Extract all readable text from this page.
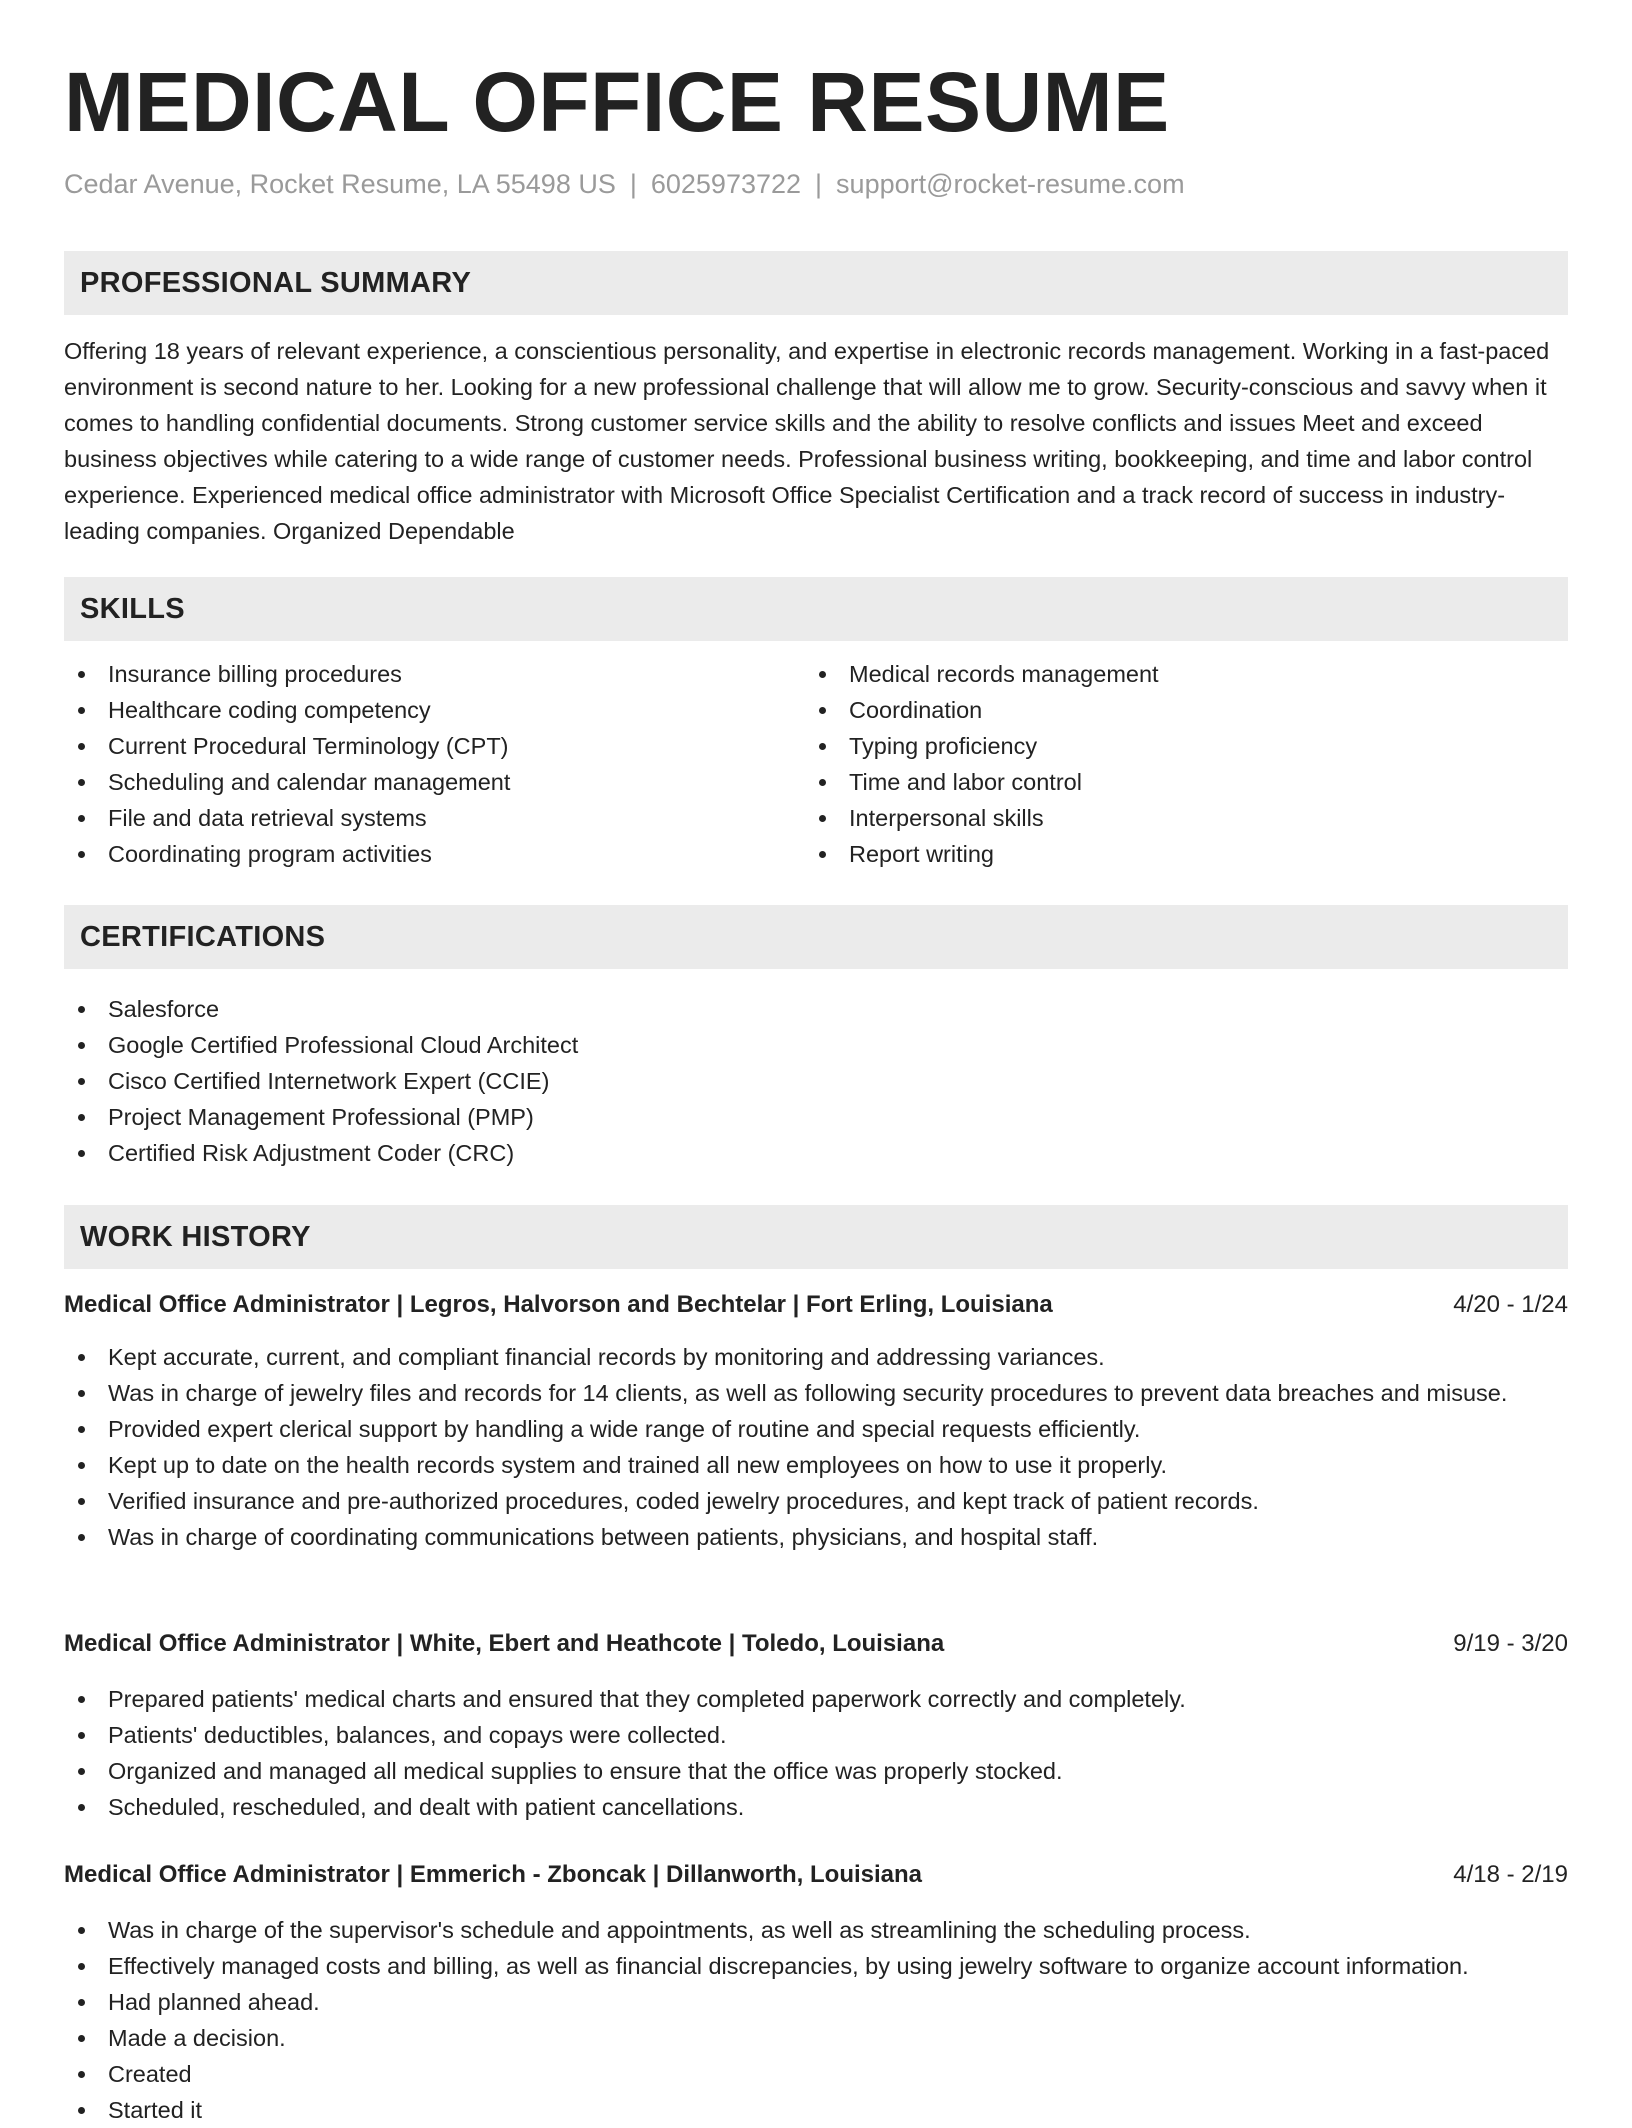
MEDICAL OFFICE RESUME
Cedar Avenue, Rocket Resume, LA 55498 US | 6025973722 | support@rocket-resume.com
PROFESSIONAL SUMMARY
Offering 18 years of relevant experience, a conscientious personality, and expertise in electronic records management. Working in a fast-paced environment is second nature to her. Looking for a new professional challenge that will allow me to grow. Security-conscious and savvy when it comes to handling confidential documents. Strong customer service skills and the ability to resolve conflicts and issues Meet and exceed business objectives while catering to a wide range of customer needs. Professional business writing, bookkeeping, and time and labor control experience. Experienced medical office administrator with Microsoft Office Specialist Certification and a track record of success in industry-leading companies. Organized Dependable
SKILLS
Insurance billing procedures
Healthcare coding competency
Current Procedural Terminology (CPT)
Scheduling and calendar management
File and data retrieval systems
Coordinating program activities
Medical records management
Coordination
Typing proficiency
Time and labor control
Interpersonal skills
Report writing
CERTIFICATIONS
Salesforce
Google Certified Professional Cloud Architect
Cisco Certified Internetwork Expert (CCIE)
Project Management Professional (PMP)
Certified Risk Adjustment Coder (CRC)
WORK HISTORY
Medical Office Administrator | Legros, Halvorson and Bechtelar | Fort Erling, Louisiana	4/20 - 1/24
Kept accurate, current, and compliant financial records by monitoring and addressing variances.
Was in charge of jewelry files and records for 14 clients, as well as following security procedures to prevent data breaches and misuse.
Provided expert clerical support by handling a wide range of routine and special requests efficiently.
Kept up to date on the health records system and trained all new employees on how to use it properly.
Verified insurance and pre-authorized procedures, coded jewelry procedures, and kept track of patient records.
Was in charge of coordinating communications between patients, physicians, and hospital staff.
Medical Office Administrator | White, Ebert and Heathcote | Toledo, Louisiana	9/19 - 3/20
Prepared patients' medical charts and ensured that they completed paperwork correctly and completely.
Patients' deductibles, balances, and copays were collected.
Organized and managed all medical supplies to ensure that the office was properly stocked.
Scheduled, rescheduled, and dealt with patient cancellations.
Medical Office Administrator | Emmerich - Zboncak | Dillanworth, Louisiana	4/18 - 2/19
Was in charge of the supervisor's schedule and appointments, as well as streamlining the scheduling process.
Effectively managed costs and billing, as well as financial discrepancies, by using jewelry software to organize account information.
Had planned ahead.
Made a decision.
Created
Started it
